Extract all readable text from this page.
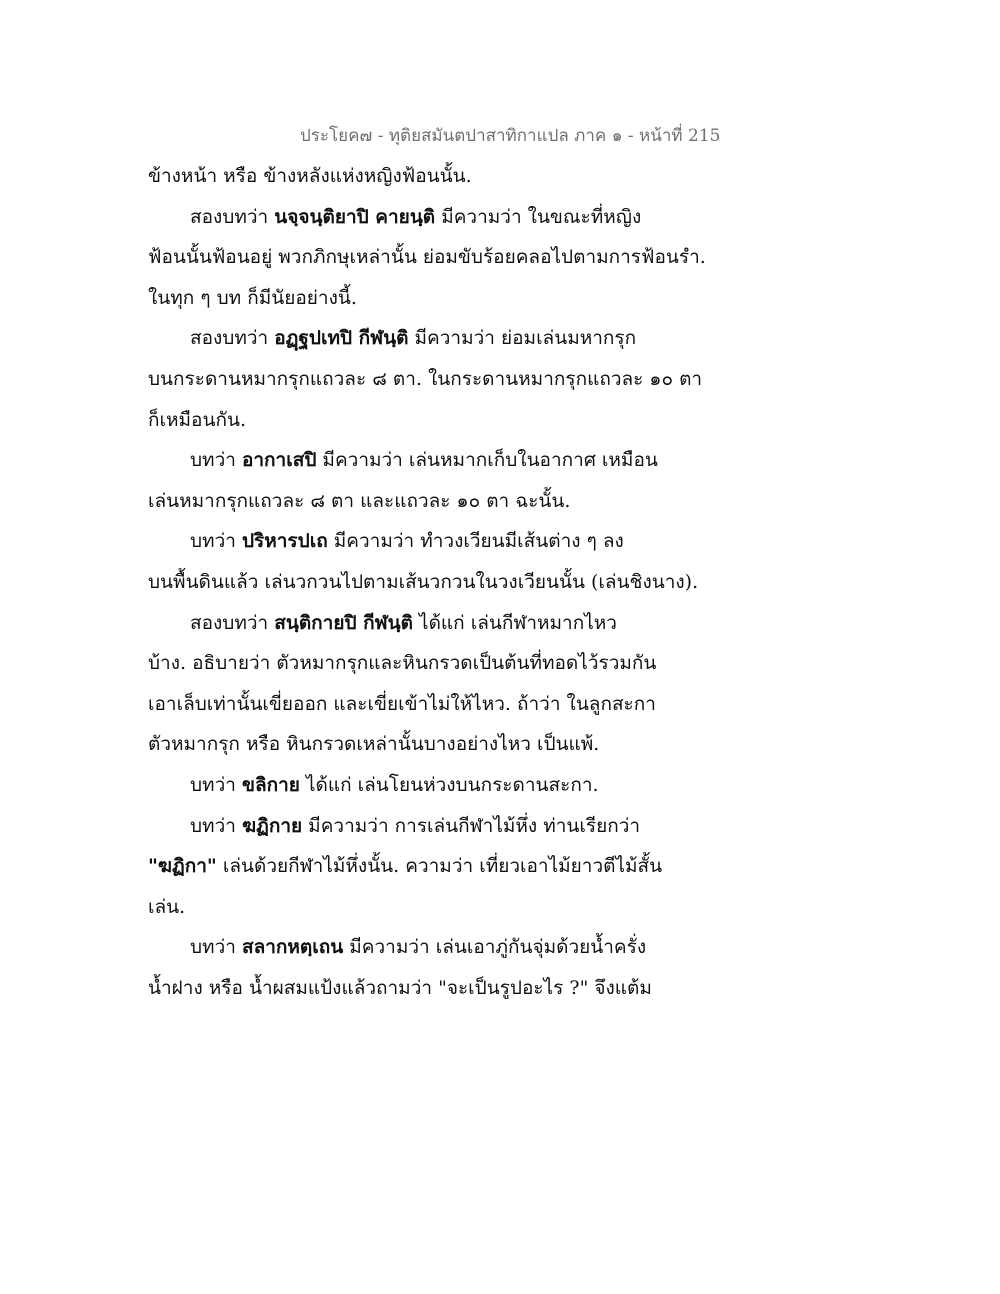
ประโยค๗ - ทุติยสมันตปาสาทิกาแปล ภาค ๑ - หน้าที่ 215
ข้างหน้า หรือ ข้างหลังแห่งหญิงฟ้อนนั้น.
สองบทว่า นจฺจนฺติยาปิ คายนฺติ มีความว่า ในขณะที่หญิง
ฟ้อนนั้นฟ้อนอยู่ พวกภิกษุเหล่านั้น ย่อมขับร้อยคลอไปตามการฟ้อนรำ.
ในทุก ๆ บท ก็มีนัยอย่างนี้.
สองบทว่า อฏฺฐปเทปิ กีฬนฺติ มีความว่า ย่อมเล่นมหากรุก
บนกระดานหมากรุกแถวละ ๘ ตา. ในกระดานหมากรุกแถวละ ๑๐ ตา
ก็เหมือนกัน.
บทว่า อากาเสปิ มีความว่า เล่นหมากเก็บในอากาศ เหมือน
เล่นหมากรุกแถวละ ๘ ตา และแถวละ ๑๐ ตา ฉะนั้น.
บทว่า ปริหารปเถ มีความว่า ทำวงเวียนมีเส้นต่าง ๆ ลง
บนพื้นดินแล้ว เล่นวกวนไปตามเส้นวกวนในวงเวียนนั้น (เล่นชิงนาง).
สองบทว่า สนฺติกายปิ กีฬนฺติ ได้แก่ เล่นกีฬาหมากไหว
บ้าง. อธิบายว่า ตัวหมากรุกและหินกรวดเป็นต้นที่ทอดไว้รวมกัน
เอาเล็บเท่านั้นเขี่ยออก และเขี่ยเข้าไม่ให้ไหว. ถ้าว่า ในลูกสะกา
ตัวหมากรุก หรือ หินกรวดเหล่านั้นบางอย่างไหว เป็นแพ้.
บทว่า ขลิกาย ได้แก่ เล่นโยนห่วงบนกระดานสะกา.
บทว่า ฆฏิกาย มีความว่า การเล่นกีฬาไม้หึ่ง ท่านเรียกว่า
"ฆฏิกา" เล่นด้วยกีฬาไม้หึ่งนั้น. ความว่า เที่ยวเอาไม้ยาวตีไม้สั้น
เล่น.
บทว่า สลากหตฺเถน มีความว่า เล่นเอาภู่กันจุ่มด้วยน้ำครั่ง
น้ำฝาง หรือ น้ำผสมแป้งแล้วถามว่า "จะเป็นรูปอะไร ?" จึงแต้ม
